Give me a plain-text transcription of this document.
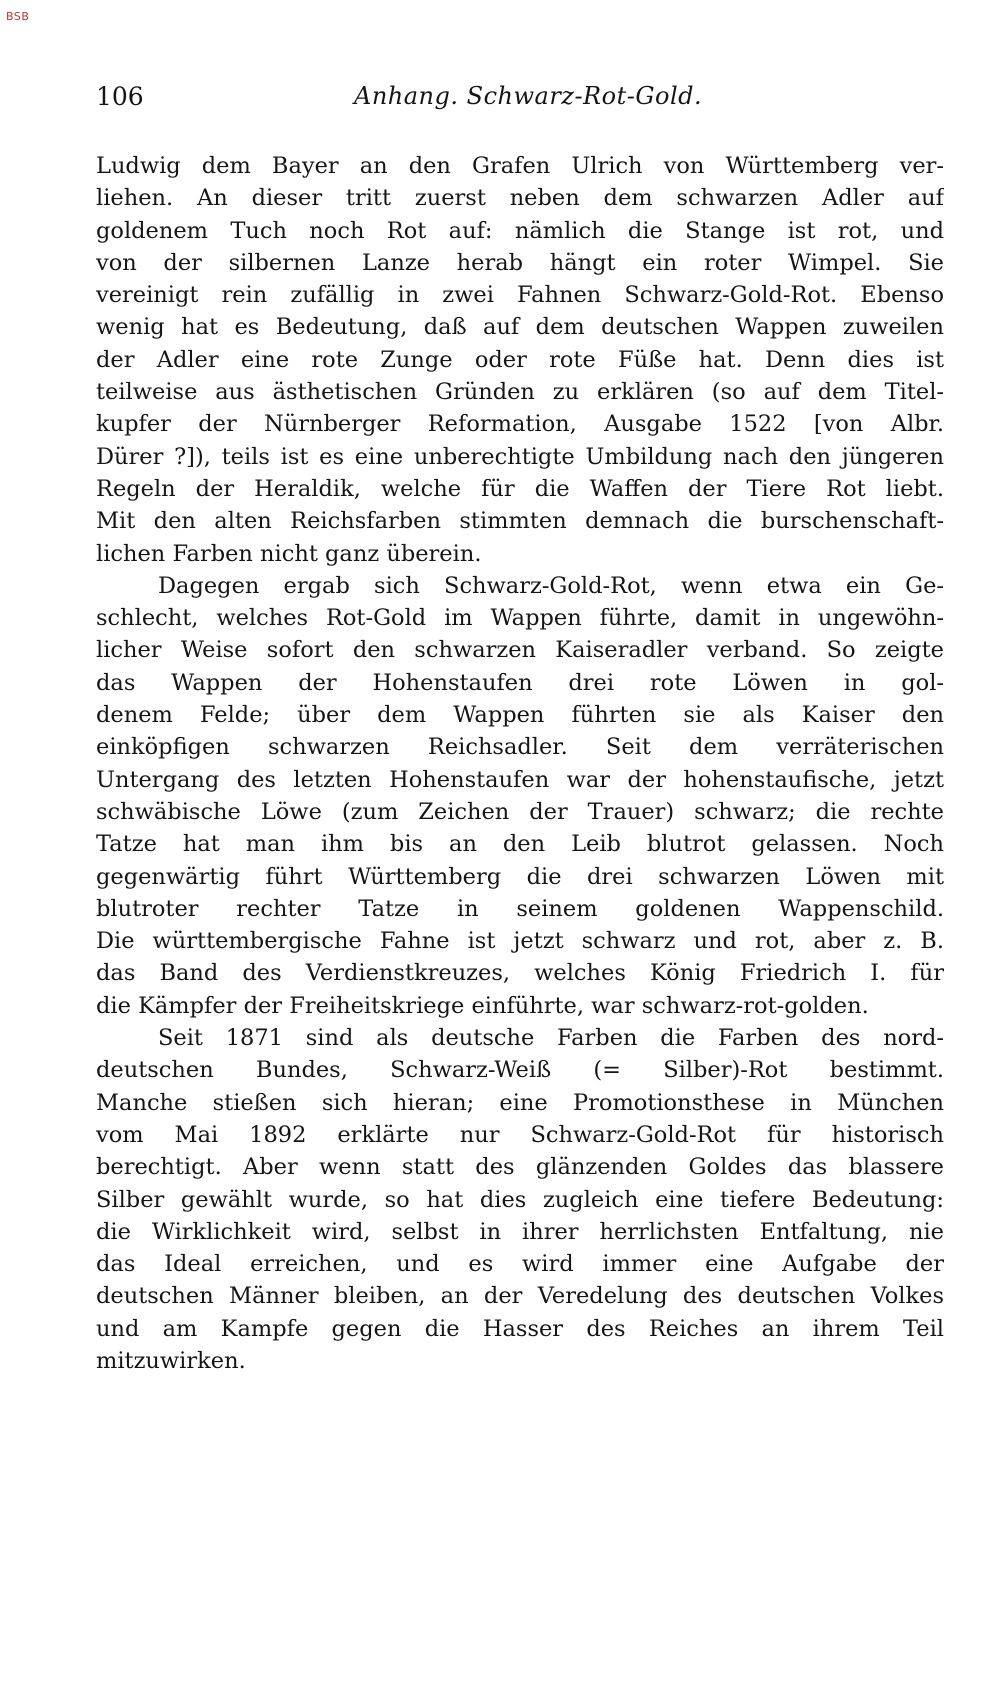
BSB
106	Anhang. Schwarz-Rot-Gold.
Ludwig dem Bayer an den Grafen Ulrich von Württemberg ver-
liehen. An dieser tritt zuerst neben dem schwarzen Adler auf
goldenem Tuch noch Rot auf: nämlich die Stange ist rot, und
von der silbernen Lanze herab hängt ein roter Wimpel. Sie
vereinigt rein zufällig in zwei Fahnen Schwarz-Gold-Rot. Ebenso
wenig hat es Bedeutung, daß auf dem deutschen Wappen zuweilen
der Adler eine rote Zunge oder rote Füße hat. Denn dies ist
teilweise aus ästhetischen Gründen zu erklären (so auf dem Titel-
kupfer der Nürnberger Reformation, Ausgabe 1522 [von Albr.
Dürer ?]), teils ist es eine unberechtigte Umbildung nach den jüngeren
Regeln der Heraldik, welche für die Waffen der Tiere Rot liebt.
Mit den alten Reichsfarben stimmten demnach die burschenschaft-
lichen Farben nicht ganz überein.
Dagegen ergab sich Schwarz-Gold-Rot, wenn etwa ein Ge-
schlecht, welches Rot-Gold im Wappen führte, damit in ungewöhn-
licher Weise sofort den schwarzen Kaiseradler verband. So zeigte
das Wappen der Hohenstaufen drei rote Löwen in gol-
denem Felde; über dem Wappen führten sie als Kaiser den
einköpfigen schwarzen Reichsadler. Seit dem verräterischen
Untergang des letzten Hohenstaufen war der hohenstaufische, jetzt
schwäbische Löwe (zum Zeichen der Trauer) schwarz; die rechte
Tatze hat man ihm bis an den Leib blutrot gelassen. Noch
gegenwärtig führt Württemberg die drei schwarzen Löwen mit
blutroter rechter Tatze in seinem goldenen Wappenschild.
Die württembergische Fahne ist jetzt schwarz und rot, aber z. B.
das Band des Verdienstkreuzes, welches König Friedrich I. für
die Kämpfer der Freiheitskriege einführte, war schwarz-rot-golden.
Seit 1871 sind als deutsche Farben die Farben des nord-
deutschen Bundes, Schwarz-Weiß (= Silber)-Rot bestimmt.
Manche stießen sich hieran; eine Promotionsthese in München
vom Mai 1892 erklärte nur Schwarz-Gold-Rot für historisch
berechtigt. Aber wenn statt des glänzenden Goldes das blassere
Silber gewählt wurde, so hat dies zugleich eine tiefere Bedeutung:
die Wirklichkeit wird, selbst in ihrer herrlichsten Entfaltung, nie
das Ideal erreichen, und es wird immer eine Aufgabe der
deutschen Männer bleiben, an der Veredelung des deutschen Volkes
und am Kampfe gegen die Hasser des Reiches an ihrem Teil
mitzuwirken.
